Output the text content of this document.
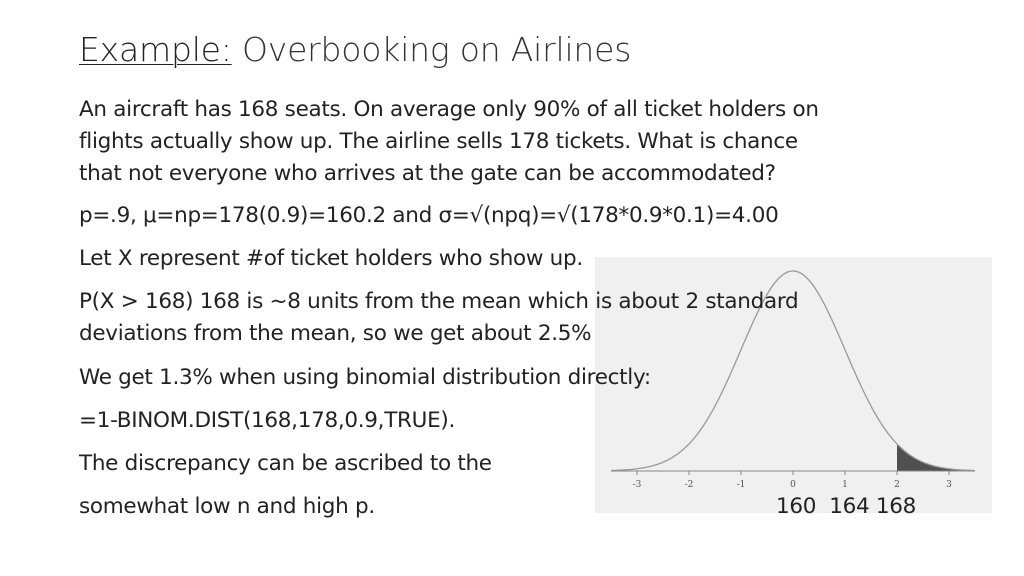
Example: Overbooking on Airlines
-3	-2	-1	0	1	2	3
An aircraft has 168 seats. On average only 90% of all ticket holders on
flights actually show up. The airline sells 178 tickets. What is chance
that not everyone who arrives at the gate can be accommodated?
p=.9, μ=np=178(0.9)=160.2 and σ=√(npq)=√(178*0.9*0.1)=4.00
Let X represent #of ticket holders who show up.
P(X > 168) 168 is ~8 units from the mean which is about 2 standard
deviations from the mean, so we get about 2.5%
We get 1.3% when using binomial distribution directly:
=1-BINOM.DIST(168,178,0.9,TRUE).
The discrepancy can be ascribed to the
somewhat low n and high p.	160  164 168
